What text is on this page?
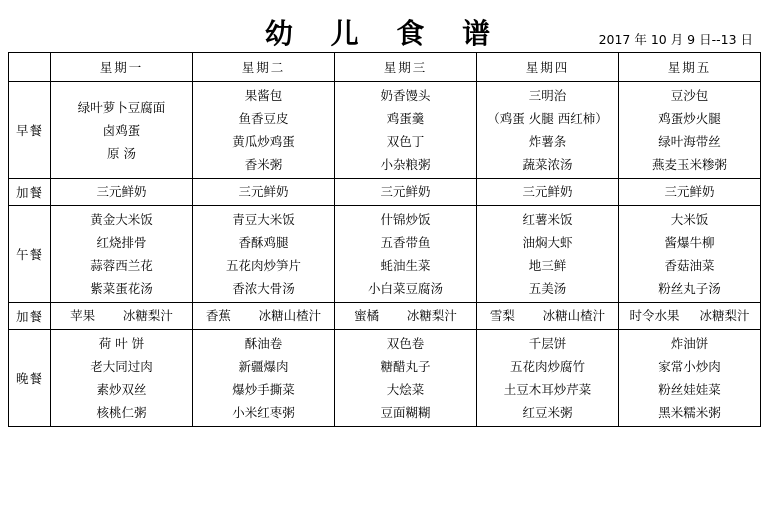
幼 儿 食 谱	2017 年 10 月 9 日--13 日
	星期一	星期二	星期三	星期四	星期五
早餐	绿叶萝卜豆腐面
卤鸡蛋
原 汤	果酱包
鱼香豆皮
黄瓜炒鸡蛋
香米粥	奶香馒头
鸡蛋羹
双色丁
小杂粮粥	三明治
（鸡蛋 火腿 西红柿）
炸薯条
蔬菜浓汤	豆沙包
鸡蛋炒火腿
绿叶海带丝
燕麦玉米糁粥

加餐	三元鲜奶	三元鲜奶	三元鲜奶	三元鲜奶	三元鲜奶
午餐	黄金大米饭
红烧排骨
蒜蓉西兰花
紫菜蛋花汤	青豆大米饭
香酥鸡腿
五花肉炒笋片
香浓大骨汤	什锦炒饭
五香带鱼
蚝油生菜
小白菜豆腐汤	红薯米饭
油焖大虾
地三鲜
五美汤	大米饭
酱爆牛柳
香菇油菜
粉丝丸子汤

加餐	苹果 冰糖梨汁	香蕉 冰糖山楂汁	蜜橘 冰糖梨汁	雪梨 冰糖山楂汁	时令水果 冰糖梨汁
晚餐	荷 叶 饼
老大同过肉
素炒双丝
核桃仁粥	酥油卷
新疆爆肉
爆炒手撕菜
小米红枣粥	双色卷
糖醋丸子
大烩菜
豆面糊糊	千层饼
五花肉炒腐竹
土豆木耳炒芹菜
红豆米粥	炸油饼
家常小炒肉
粉丝娃娃菜
黑米糯米粥
